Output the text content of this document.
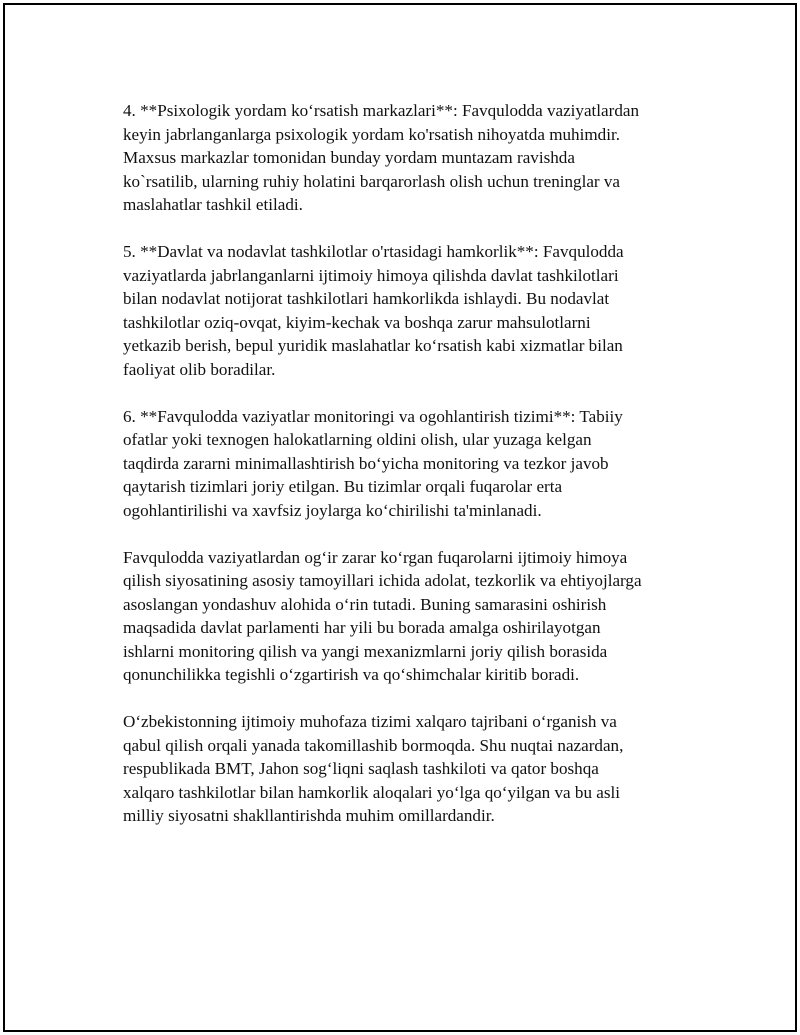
4. **Psixologik yordam ko‘rsatish markazlari**: Favqulodda vaziyatlardan
keyin jabrlanganlarga psixologik yordam ko'rsatish nihoyatda muhimdir.
Maxsus markazlar tomonidan bunday yordam muntazam ravishda
ko`rsatilib, ularning ruhiy holatini barqarorlash olish uchun treninglar va
maslahatlar tashkil etiladi.

5. **Davlat va nodavlat tashkilotlar o'rtasidagi hamkorlik**: Favqulodda
vaziyatlarda jabrlanganlarni ijtimoiy himoya qilishda davlat tashkilotlari
bilan nodavlat notijorat tashkilotlari hamkorlikda ishlaydi. Bu nodavlat
tashkilotlar oziq-ovqat, kiyim-kechak va boshqa zarur mahsulotlarni
yetkazib berish, bepul yuridik maslahatlar ko‘rsatish kabi xizmatlar bilan
faoliyat olib boradilar.

6. **Favqulodda vaziyatlar monitoringi va ogohlantirish tizimi**: Tabiiy
ofatlar yoki texnogen halokatlarning oldini olish, ular yuzaga kelgan
taqdirda zararni minimallashtirish bo‘yicha monitoring va tezkor javob
qaytarish tizimlari joriy etilgan. Bu tizimlar orqali fuqarolar erta
ogohlantirilishi va xavfsiz joylarga ko‘chirilishi ta'minlanadi.

Favqulodda vaziyatlardan og‘ir zarar ko‘rgan fuqarolarni ijtimoiy himoya
qilish siyosatining asosiy tamoyillari ichida adolat, tezkorlik va ehtiyojlarga
asoslangan yondashuv alohida o‘rin tutadi. Buning samarasini oshirish
maqsadida davlat parlamenti har yili bu borada amalga oshirilayotgan
ishlarni monitoring qilish va yangi mexanizmlarni joriy qilish borasida
qonunchilikka tegishli o‘zgartirish va qo‘shimchalar kiritib boradi.

O‘zbekistonning ijtimoiy muhofaza tizimi xalqaro tajribani o‘rganish va
qabul qilish orqali yanada takomillashib bormoqda. Shu nuqtai nazardan,
respublikada BMT, Jahon sog‘liqni saqlash tashkiloti va qator boshqa
xalqaro tashkilotlar bilan hamkorlik aloqalari yo‘lga qo‘yilgan va bu asli
milliy siyosatni shakllantirishda muhim omillardandir.
